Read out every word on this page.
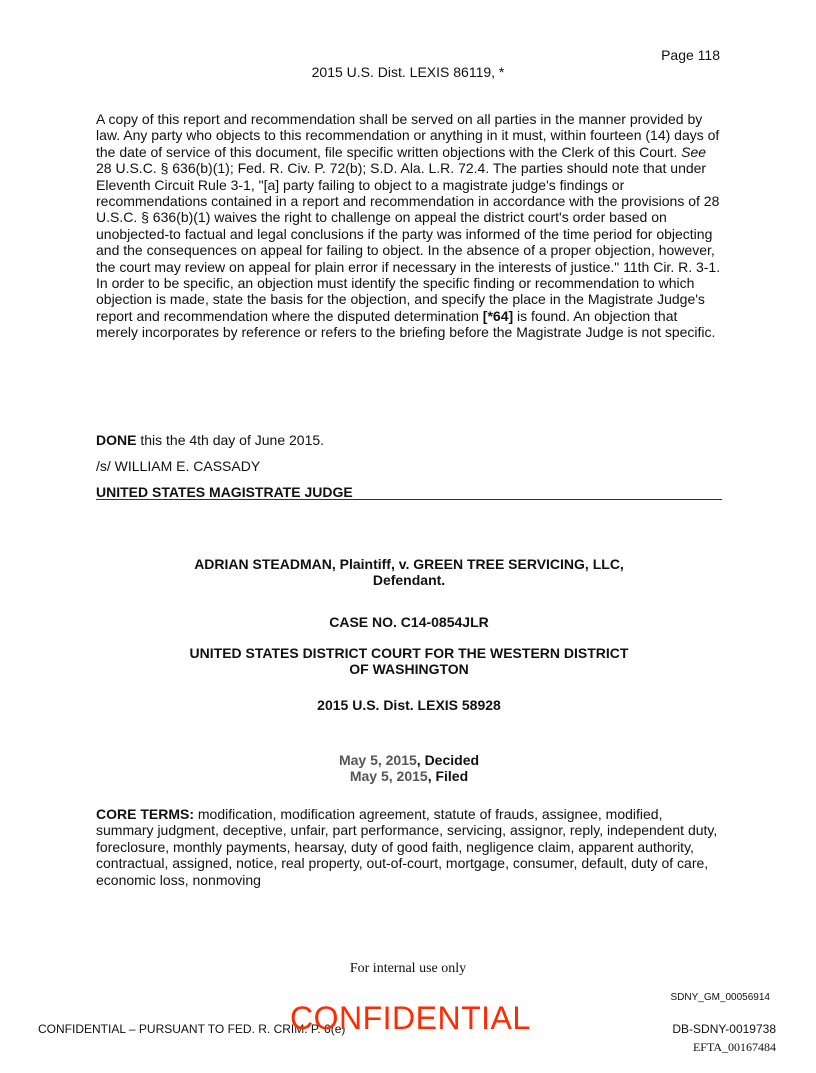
Page 118
2015 U.S. Dist. LEXIS 86119, *
A copy of this report and recommendation shall be served on all parties in the manner provided by law. Any party who objects to this recommendation or anything in it must, within fourteen (14) days of the date of service of this document, file specific written objections with the Clerk of this Court. See 28 U.S.C. § 636(b)(1); Fed. R. Civ. P. 72(b); S.D. Ala. L.R. 72.4. The parties should note that under Eleventh Circuit Rule 3-1, "[a] party failing to object to a magistrate judge's findings or recommendations contained in a report and recommendation in accordance with the provisions of 28 U.S.C. § 636(b)(1) waives the right to challenge on appeal the district court's order based on unobjected-to factual and legal conclusions if the party was informed of the time period for objecting and the consequences on appeal for failing to object. In the absence of a proper objection, however, the court may review on appeal for plain error if necessary in the interests of justice." 11th Cir. R. 3-1. In order to be specific, an objection must identify the specific finding or recommendation to which objection is made, state the basis for the objection, and specify the place in the Magistrate Judge's report and recommendation where the disputed determination [*64] is found. An objection that merely incorporates by reference or refers to the briefing before the Magistrate Judge is not specific.
DONE this the 4th day of June 2015.
/s/ WILLIAM E. CASSADY
UNITED STATES MAGISTRATE JUDGE
ADRIAN STEADMAN, Plaintiff, v. GREEN TREE SERVICING, LLC, Defendant.
CASE NO. C14-0854JLR
UNITED STATES DISTRICT COURT FOR THE WESTERN DISTRICT OF WASHINGTON
2015 U.S. Dist. LEXIS 58928
May 5, 2015, Decided
May 5, 2015, Filed
CORE TERMS: modification, modification agreement, statute of frauds, assignee, modified, summary judgment, deceptive, unfair, part performance, servicing, assignor, reply, independent duty, foreclosure, monthly payments, hearsay, duty of good faith, negligence claim, apparent authority, contractual, assigned, notice, real property, out-of-court, mortgage, consumer, default, duty of care, economic loss, nonmoving
For internal use only
SDNY_GM_00056914
CONFIDENTIAL – PURSUANT TO FED. R. CRIM. P. 6(e)
CONFIDENTIAL	DB-SDNY-0019738
EFTA_00167484
